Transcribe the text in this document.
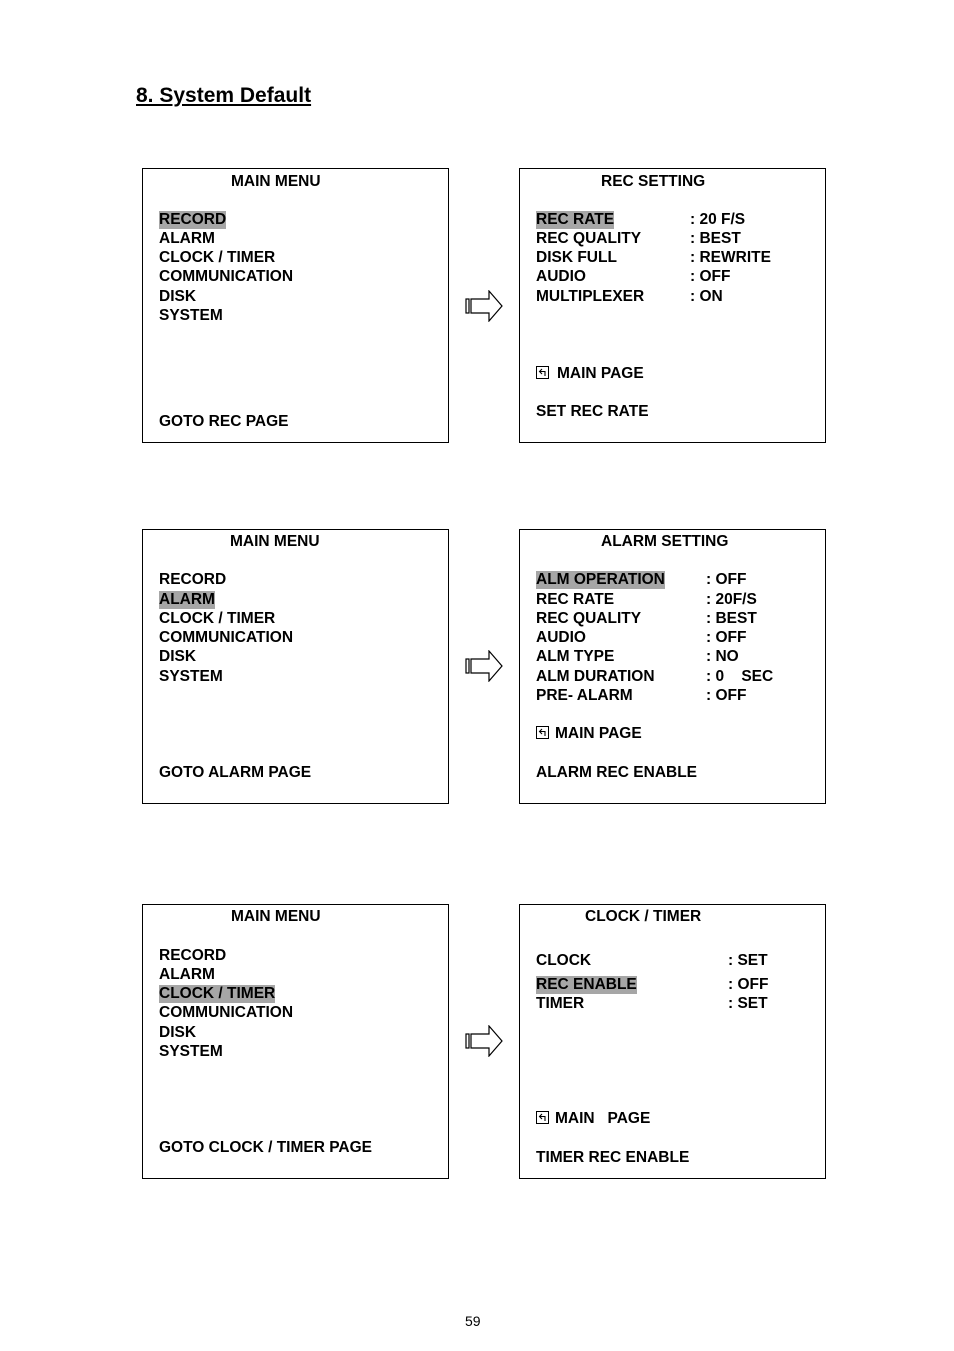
8. System Default
MAIN MENU
RECORD
ALARM
CLOCK / TIMER
COMMUNICATION
DISK
SYSTEM
GOTO REC PAGE
REC SETTING
REC RATE	: 20 F/S
REC QUALITY	: BEST
DISK FULL	: REWRITE
AUDIO	: OFF
MULTIPLEXER	: ON
MAIN PAGE
SET REC RATE
MAIN MENU
RECORD
ALARM
CLOCK / TIMER
COMMUNICATION
DISK
SYSTEM
GOTO ALARM PAGE
ALARM SETTING
ALM OPERATION	: OFF
REC RATE	: 20F/S
REC QUALITY	: BEST
AUDIO	: OFF
ALM TYPE	: NO
ALM DURATION	: 0    SEC
PRE- ALARM	: OFF
MAIN PAGE
ALARM REC ENABLE
MAIN MENU
RECORD
ALARM
CLOCK / TIMER
COMMUNICATION
DISK
SYSTEM
GOTO CLOCK / TIMER PAGE
CLOCK / TIMER
CLOCK	: SET
REC ENABLE	: OFF
TIMER	: SET
MAIN   PAGE
TIMER REC ENABLE
59
